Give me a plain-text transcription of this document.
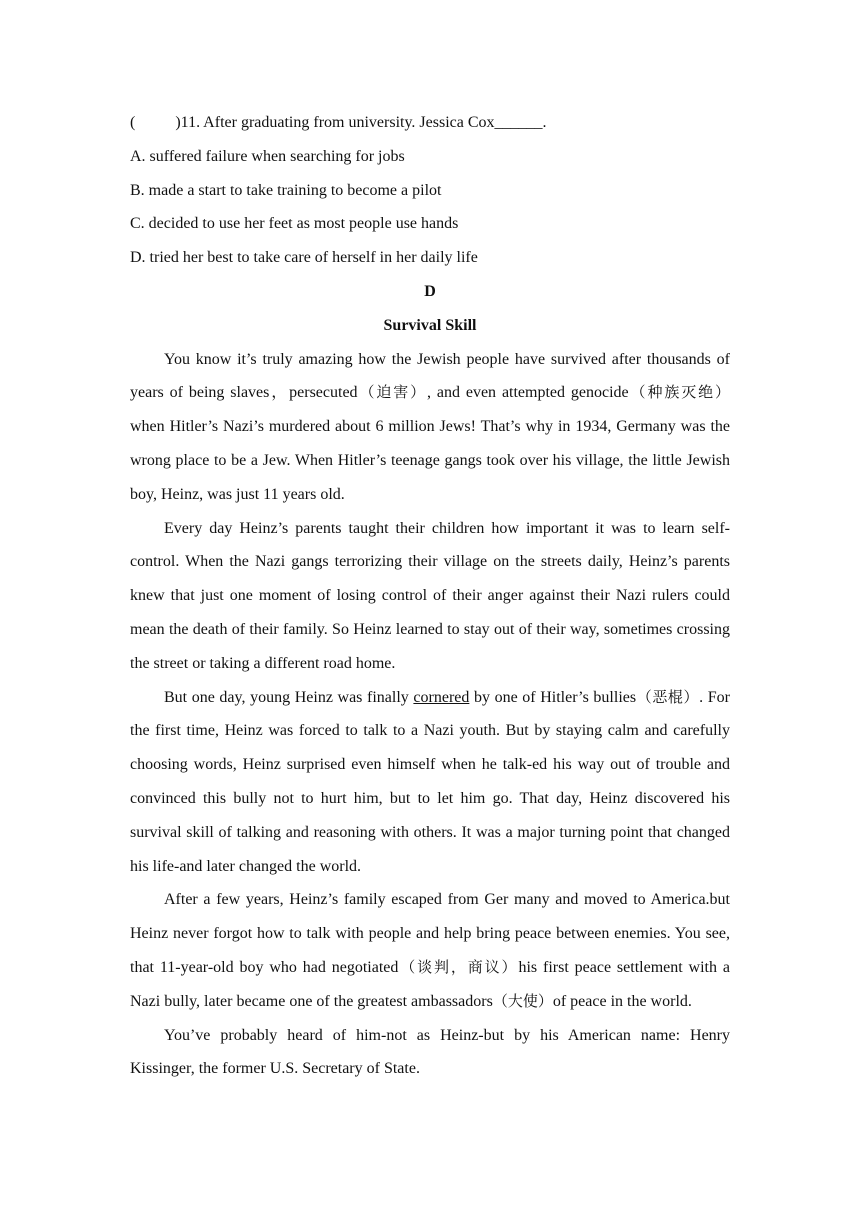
(	)11. After graduating from university. Jessica Cox______.
A. suffered failure when searching for jobs
B. made a start to take training to become a pilot
C. decided to use her feet as most people use hands
D. tried her best to take care of herself in her daily life
D
Survival Skill

You know it’s truly amazing how the Jewish people have survived after thousands of years of being slaves，persecuted（迫害）, and even attempted genocide（种族灭绝） when Hitler’s Nazi’s murdered about 6 million Jews! That’s why in 1934, Germany was the wrong place to be a Jew. When Hitler’s teenage gangs took over his village, the little Jewish boy, Heinz, was just 11 years old.

Every day Heinz’s parents taught their children how important it was to learn self-control. When the Nazi gangs terrorizing their village on the streets daily, Heinz’s parents knew that just one moment of losing control of their anger against their Nazi rulers could mean the death of their family. So Heinz learned to stay out of their way, sometimes crossing the street or taking a different road home.

But one day, young Heinz was finally cornered by one of Hitler’s bullies（恶棍）. For the first time, Heinz was forced to talk to a Nazi youth. But by staying calm and carefully choosing words, Heinz surprised even himself when he talk-ed his way out of trouble and convinced this bully not to hurt him, but to let him go. That day, Heinz discovered his survival skill of talking and reasoning with others. It was a major turning point that changed his life-and later changed the world.

After a few years, Heinz’s family escaped from Ger many and moved to America.but Heinz never forgot how to talk with people and help bring peace between enemies. You see, that 11-year-old boy who had negotiated（谈判，商议）his first peace settlement with a Nazi bully, later became one of the greatest ambassadors（大使）of peace in the world.

You’ve probably heard of him-not as Heinz-but by his American name: Henry Kissinger, the former U.S. Secretary of State.
